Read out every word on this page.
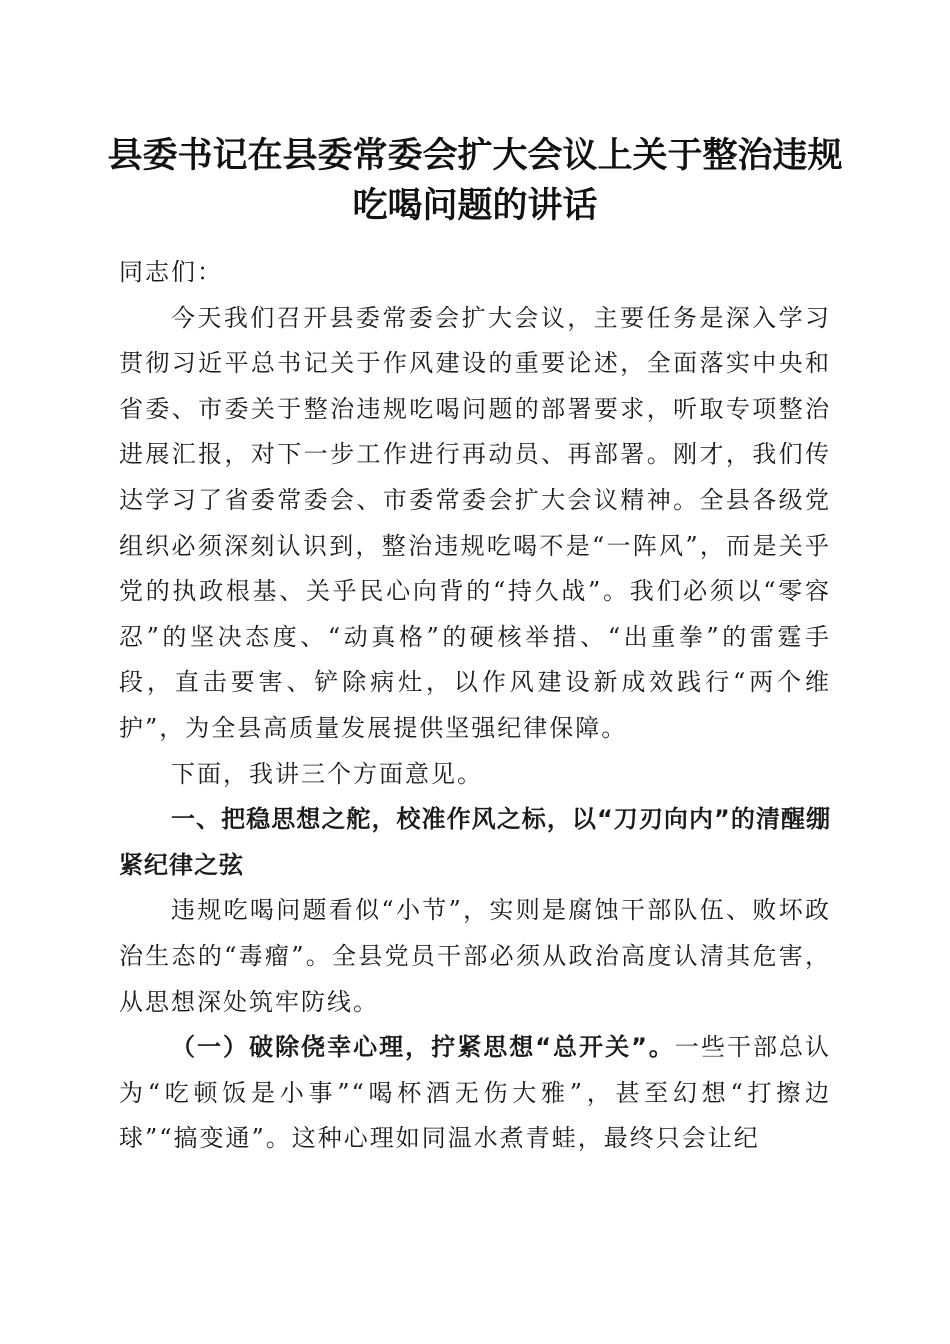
县委书记在县委常委会扩大会议上关于整治违规吃喝问题的讲话

同志们：

今天我们召开县委常委会扩大会议，主要任务是深入学习贯彻习近平总书记关于作风建设的重要论述，全面落实中央和省委、市委关于整治违规吃喝问题的部署要求，听取专项整治进展汇报，对下一步工作进行再动员、再部署。刚才，我们传达学习了省委常委会、市委常委会扩大会议精神。全县各级党组织必须深刻认识到，整治违规吃喝不是“一阵风”，而是关乎党的执政根基、关乎民心向背的“持久战”。我们必须以“零容忍”的坚决态度、“动真格”的硬核举措、“出重拳”的雷霆手段，直击要害、铲除病灶，以作风建设新成效践行“两个维护”，为全县高质量发展提供坚强纪律保障。

下面，我讲三个方面意见。

一、把稳思想之舵，校准作风之标，以“刀刃向内”的清醒绷紧纪律之弦

违规吃喝问题看似“小节”，实则是腐蚀干部队伍、败坏政治生态的“毒瘤”。全县党员干部必须从政治高度认清其危害，从思想深处筑牢防线。

（一）破除侥幸心理，拧紧思想“总开关”。一些干部总认为“吃顿饭是小事”“喝杯酒无伤大雅”，甚至幻想“打擦边球”“搞变通”。这种心理如同温水煮青蛙，最终只会让纪
